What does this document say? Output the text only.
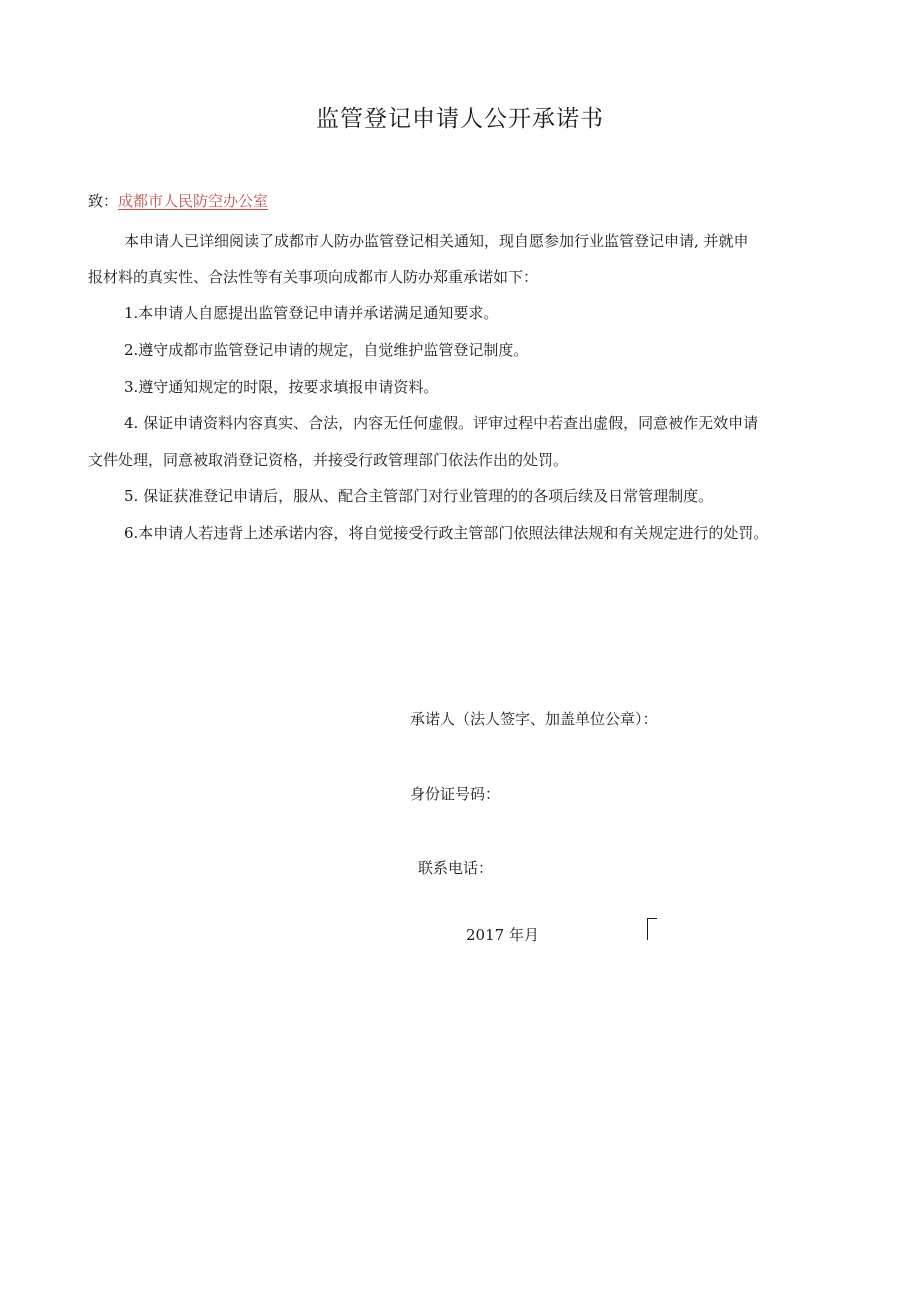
监管登记申请人公开承诺书
致：成都市人民防空办公室
本申请人已详细阅读了成都市人防办监管登记相关通知，现自愿参加行业监管登记申请, 并就申
报材料的真实性、合法性等有关事项向成都市人防办郑重承诺如下：
1.本申请人自愿提出监管登记申请并承诺满足通知要求。
2.遵守成都市监管登记申请的规定，自觉维护监管登记制度。
3.遵守通知规定的时限，按要求填报申请资料。
4. 保证申请资料内容真实、合法，内容无任何虚假。评审过程中若查出虚假，同意被作无效申请
文件处理，同意被取消登记资格，并接受行政管理部门依法作出的处罚。
5. 保证获准登记申请后，服从、配合主管部门对行业管理的的各项后续及日常管理制度。
6.本申请人若违背上述承诺内容，将自觉接受行政主管部门依照法律法规和有关规定进行的处罚。
承诺人（法人签字、加盖单位公章）：
身份证号码：
联系电话：
2017 年月
